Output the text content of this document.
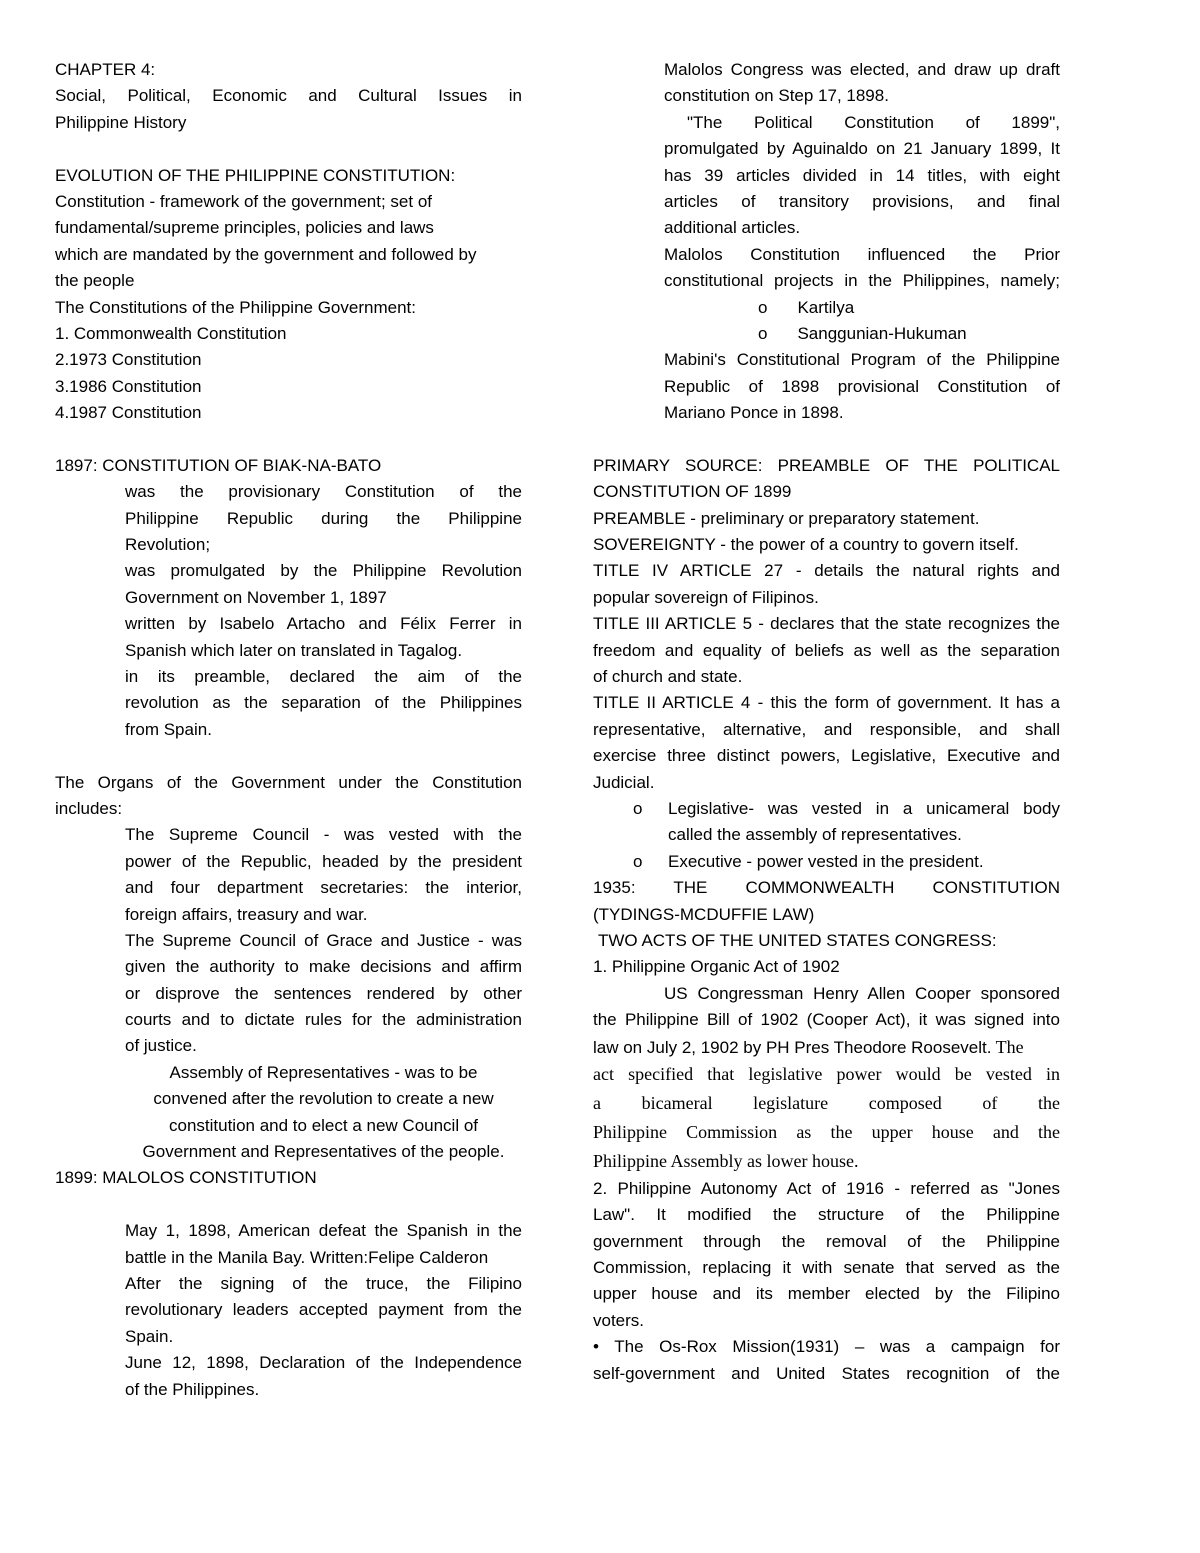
CHAPTER 4:
Social, Political, Economic and Cultural Issues in
Philippine History
EVOLUTION OF THE PHILIPPINE CONSTITUTION:
Constitution - framework of the government; set of
fundamental/supreme principles, policies and laws
which are mandated by the government and followed by
the people
The Constitutions of the Philippine Government:
1. Commonwealth Constitution
2.1973 Constitution
3.1986 Constitution
4.1987 Constitution
1897: CONSTITUTION OF BIAK-NA-BATO
was the provisionary Constitution of the
Philippine Republic during the Philippine
Revolution;
was promulgated by the Philippine Revolution
Government on November 1, 1897
written by Isabelo Artacho and Félix Ferrer in
Spanish which later on translated in Tagalog.
in its preamble, declared the aim of the
revolution as the separation of the Philippines
from Spain.
The Organs of the Government under the Constitution
includes:
The Supreme Council - was vested with the
power of the Republic, headed by the president
and four department secretaries: the interior,
foreign affairs, treasury and war.
The Supreme Council of Grace and Justice - was
given the authority to make decisions and affirm
or disprove the sentences rendered by other
courts and to dictate rules for the administration
of justice.
Assembly of Representatives - was to be
convened after the revolution to create a new
constitution and to elect a new Council of
Government and Representatives of the people.
1899: MALOLOS CONSTITUTION
May 1, 1898, American defeat the Spanish in the
battle in the Manila Bay. Written:Felipe Calderon
After the signing of the truce, the Filipino
revolutionary leaders accepted payment from the
Spain.
June 12, 1898, Declaration of the Independence
of the Philippines.
Malolos Congress was elected, and draw up draft
constitution on Step 17, 1898.
"The Political Constitution of 1899",
promulgated by Aguinaldo on 21 January 1899, It
has 39 articles divided in 14 titles, with eight
articles of transitory provisions, and final
additional articles.
Malolos Constitution influenced the Prior
constitutional projects in the Philippines, namely;
o Kartilya
o Sanggunian-Hukuman
Mabini's Constitutional Program of the Philippine
Republic of 1898 provisional Constitution of
Mariano Ponce in 1898.
PRIMARY SOURCE: PREAMBLE OF THE POLITICAL
CONSTITUTION OF 1899
PREAMBLE - preliminary or preparatory statement.
SOVEREIGNTY - the power of a country to govern itself.
TITLE IV ARTICLE 27 - details the natural rights and
popular sovereign of Filipinos.
TITLE III ARTICLE 5 - declares that the state recognizes the
freedom and equality of beliefs as well as the separation
of church and state.
TITLE II ARTICLE 4 - this the form of government. It has a
representative, alternative, and responsible, and shall
exercise three distinct powers, Legislative, Executive and
Judicial.
o Legislative- was vested in a unicameral body
called the assembly of representatives.
o Executive - power vested in the president.
1935: THE COMMONWEALTH CONSTITUTION
(TYDINGS-MCDUFFIE LAW)
TWO ACTS OF THE UNITED STATES CONGRESS:
1. Philippine Organic Act of 1902
US Congressman Henry Allen Cooper sponsored
the Philippine Bill of 1902 (Cooper Act), it was signed into
law on July 2, 1902 by PH Pres Theodore Roosevelt. The
act specified that legislative power would be vested in
a bicameral legislature composed of the
Philippine Commission as the upper house and the
Philippine Assembly as lower house.
2. Philippine Autonomy Act of 1916 - referred as "Jones
Law". It modified the structure of the Philippine
government through the removal of the Philippine
Commission, replacing it with senate that served as the
upper house and its member elected by the Filipino
voters.
• The Os-Rox Mission(1931) – was a campaign for
self-government and United States recognition of the
